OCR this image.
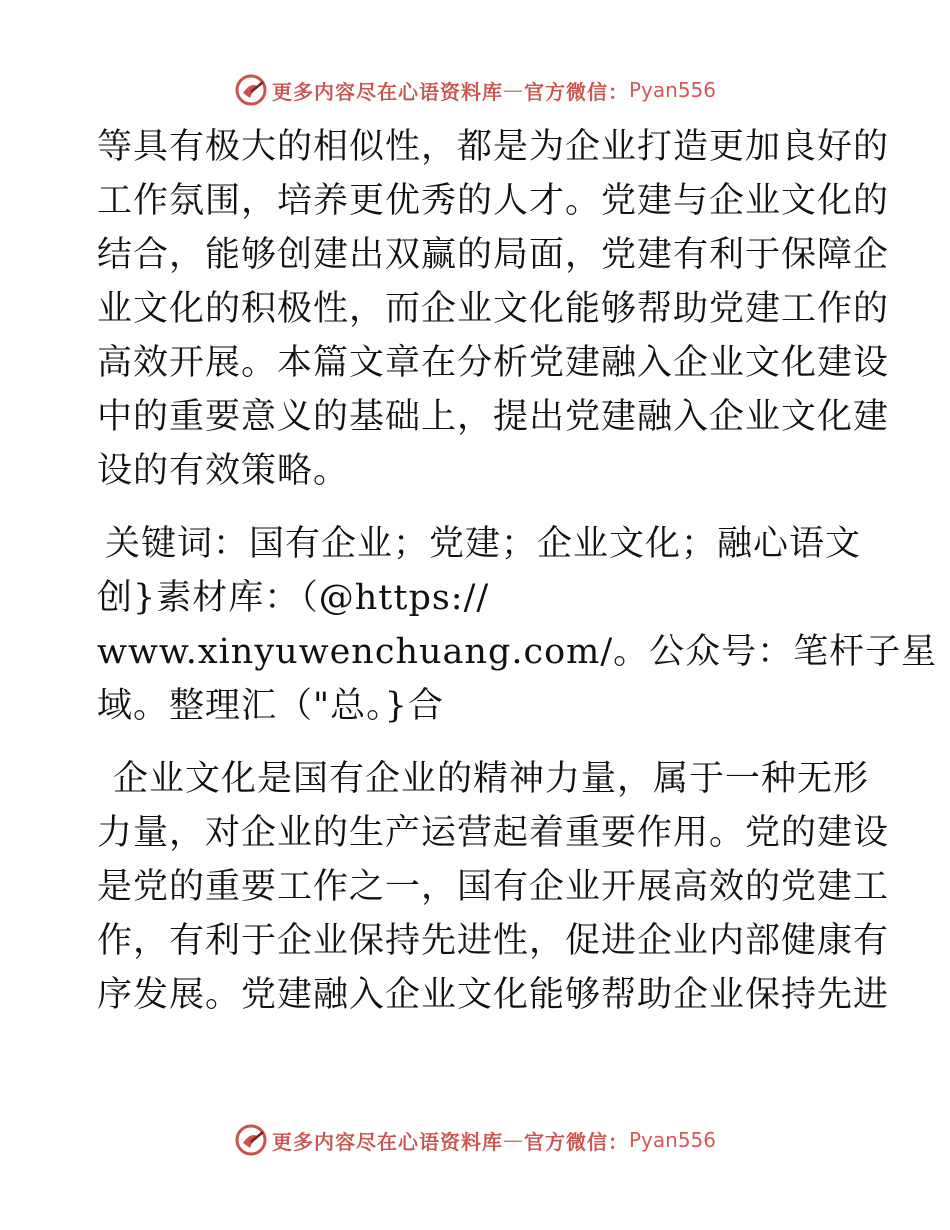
更多内容尽在心语资料库 — 官方微信： Pyan556
等具有极大的相似性，都是为企业打造更加良好的
工作氛围，培养更优秀的人才。党建与企业文化的
结合，能够创建出双赢的局面，党建有利于保障企
业文化的积极性，而企业文化能够帮助党建工作的
高效开展。本篇文章在分析党建融入企业文化建设
中的重要意义的基础上，提出党建融入企业文化建
设的有效策略。
关键词：国有企业；党建；企业文化；融心语文
创}素材库：（@https://
www.xinyuwenchuang.com/。公众号：笔杆子星
域。整理汇（"总。}合
企业文化是国有企业的精神力量，属于一种无形
力量，对企业的生产运营起着重要作用。党的建设
是党的重要工作之一，国有企业开展高效的党建工
作，有利于企业保持先进性，促进企业内部健康有
序发展。党建融入企业文化能够帮助企业保持先进
更多内容尽在心语资料库 — 官方微信： Pyan556
